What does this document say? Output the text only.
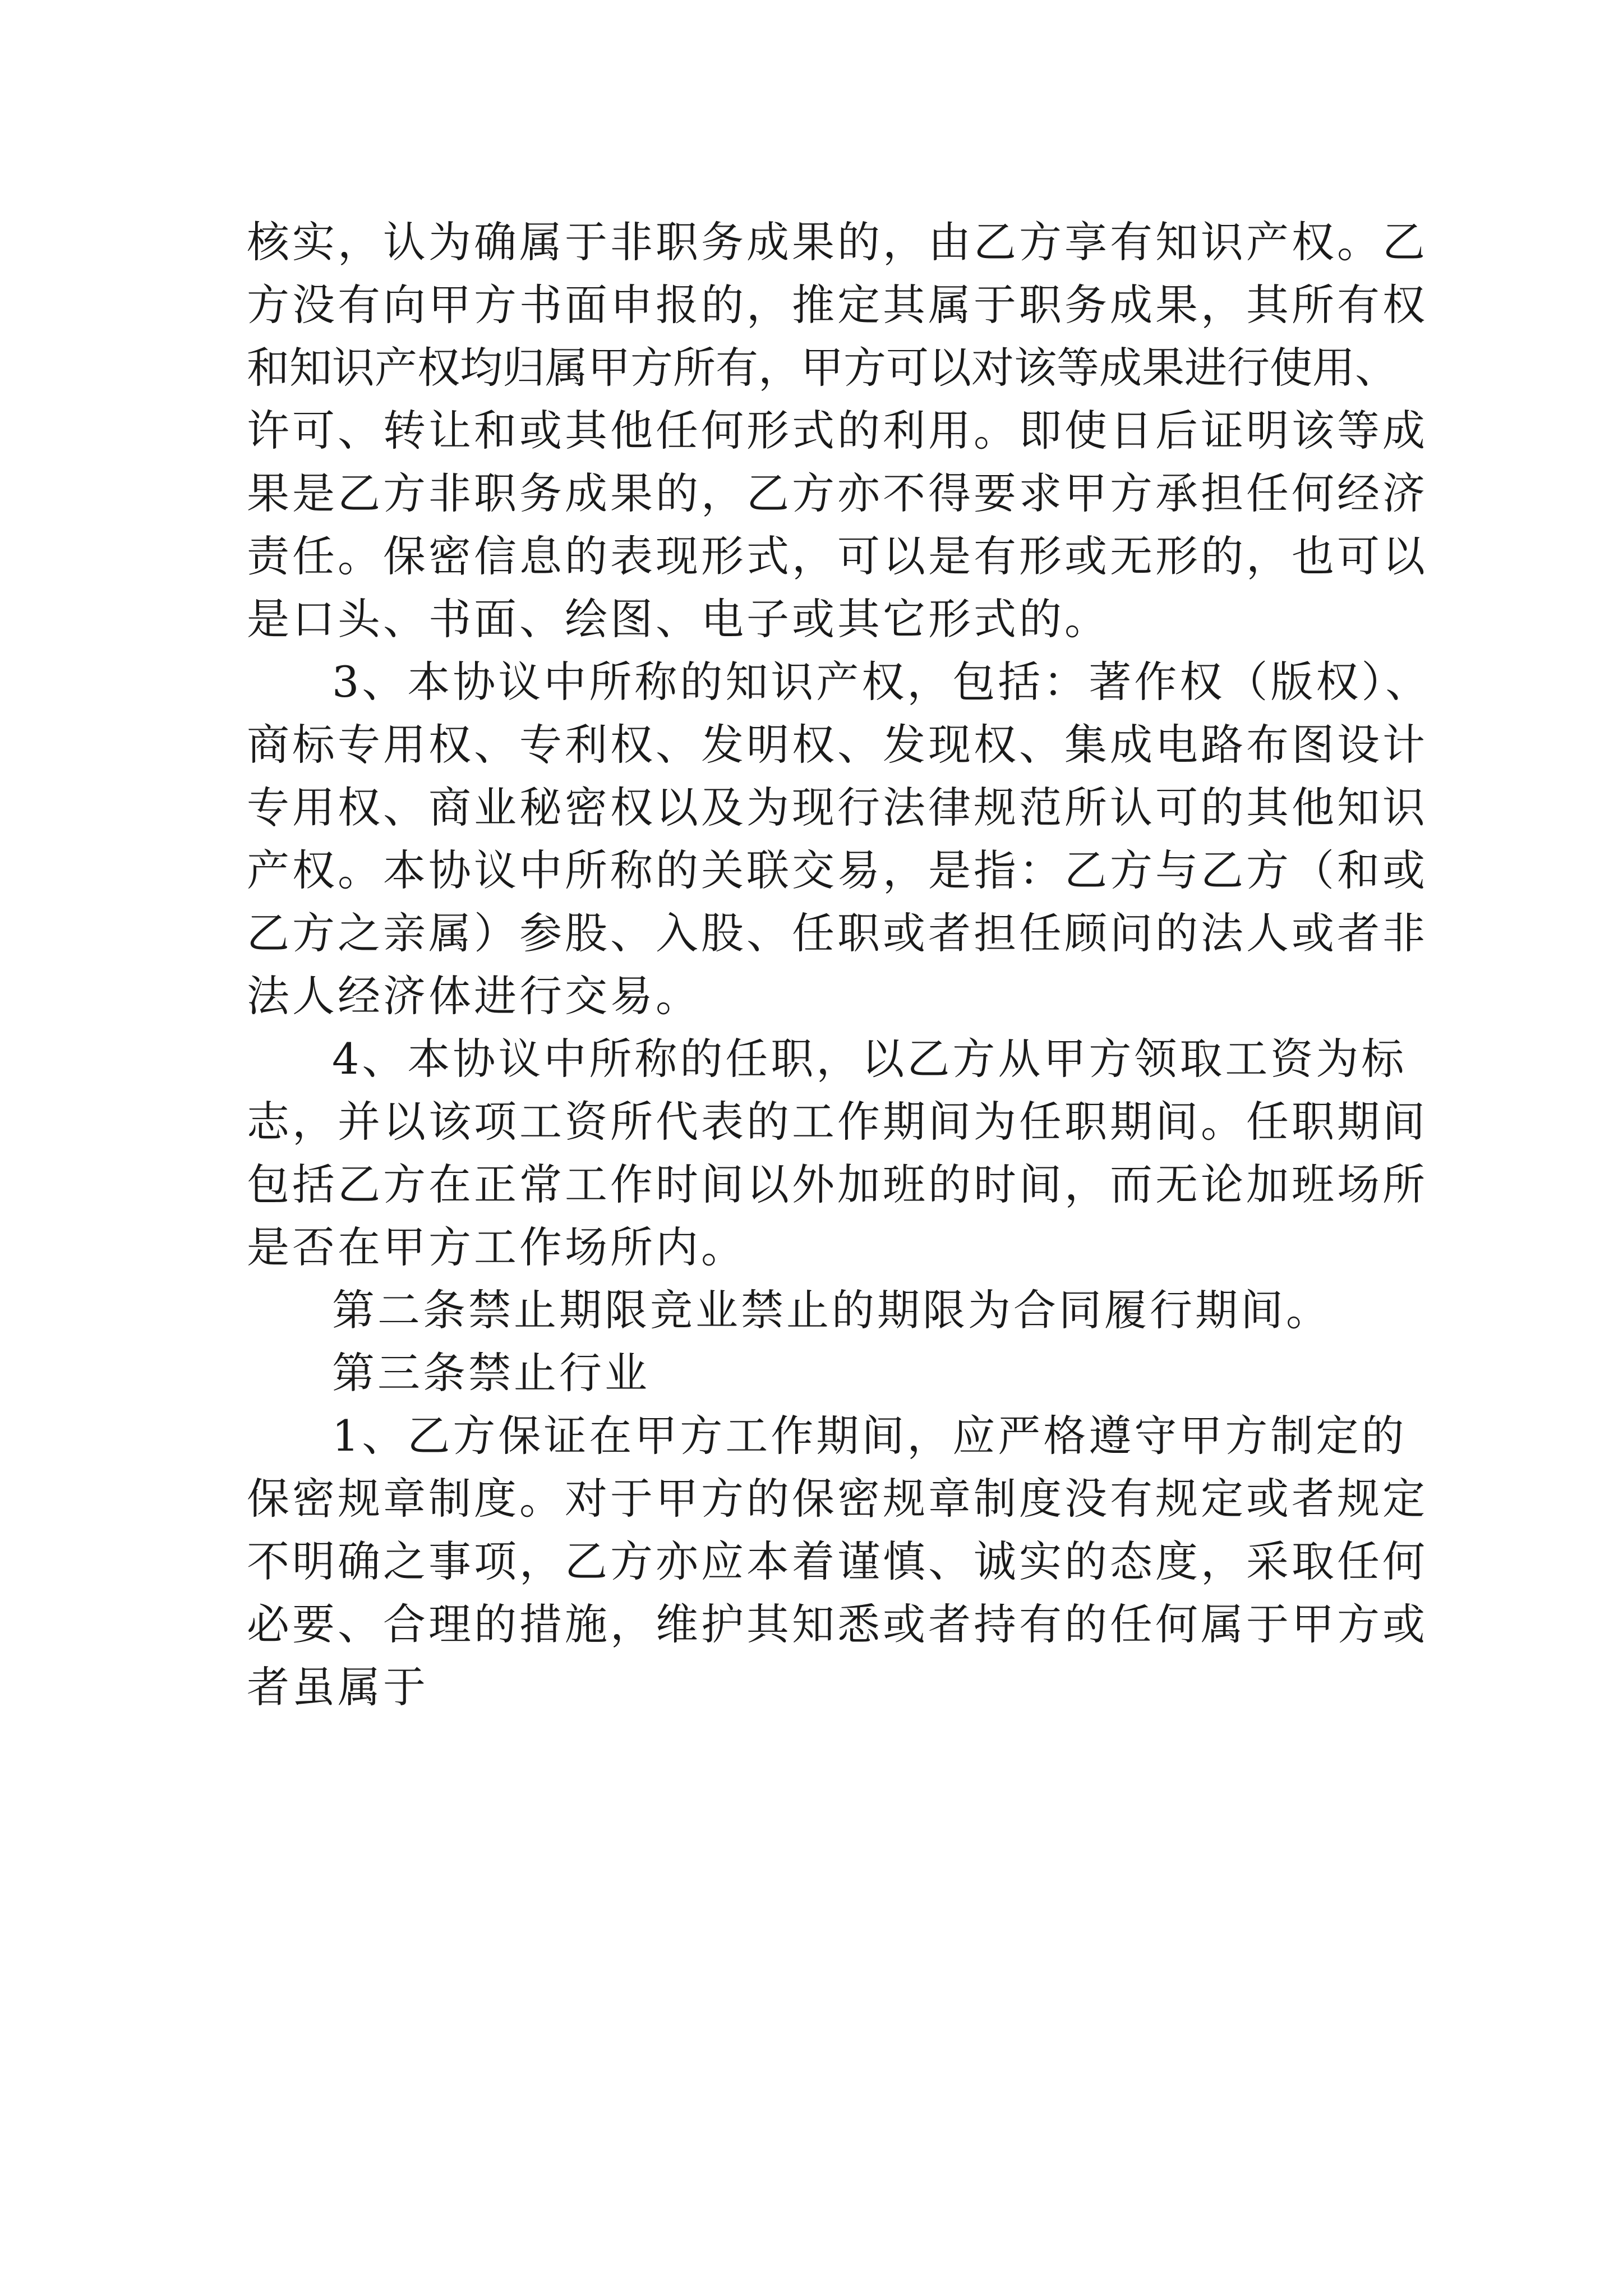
核实，认为确属于非职务成果的，由乙方享有知识产权。乙
方没有向甲方书面申报的，推定其属于职务成果，其所有权
和知识产权均归属甲方所有，甲方可以对该等成果进行使用、
许可、转让和或其他任何形式的利用。即使日后证明该等成
果是乙方非职务成果的，乙方亦不得要求甲方承担任何经济
责任。保密信息的表现形式，可以是有形或无形的，也可以
是口头、书面、绘图、电子或其它形式的。
3、本协议中所称的知识产权，包括：著作权（版权）、
商标专用权、专利权、发明权、发现权、集成电路布图设计
专用权、商业秘密权以及为现行法律规范所认可的其他知识
产权。本协议中所称的关联交易，是指：乙方与乙方（和或
乙方之亲属）参股、入股、任职或者担任顾问的法人或者非
法人经济体进行交易。
4、本协议中所称的任职，以乙方从甲方领取工资为标
志，并以该项工资所代表的工作期间为任职期间。任职期间
包括乙方在正常工作时间以外加班的时间，而无论加班场所
是否在甲方工作场所内。
第二条禁止期限竞业禁止的期限为合同履行期间。
第三条禁止行业
1、乙方保证在甲方工作期间，应严格遵守甲方制定的
保密规章制度。对于甲方的保密规章制度没有规定或者规定
不明确之事项，乙方亦应本着谨慎、诚实的态度，采取任何
必要、合理的措施，维护其知悉或者持有的任何属于甲方或
者虽属于
